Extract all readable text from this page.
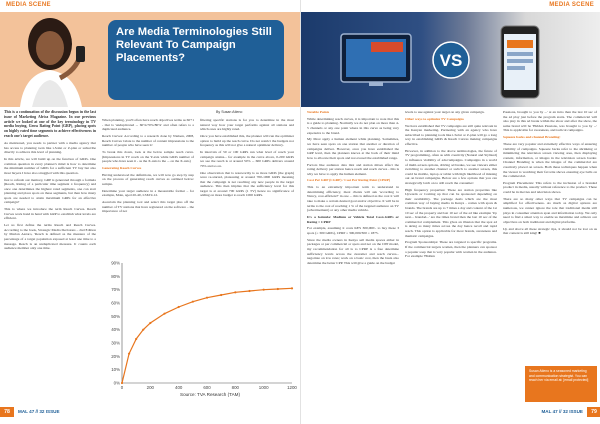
MEDIA SCENE
Are Media Terminologies Still Relevant To Campaign Placements?
By Susan Atieno

This is a continuation of the discussion begun in the last issue of Marketing Africa Magazine. In our previous article we looked at one of the key terminology in TV media buying, Gross Rating Point (GRP), placing spots on highly rated time segments to achieve effectiveness in reach one's target audience.

As mentioned, you needs to partner with a media agency that has access to planning tools like i-Solut or Z-plan or subscribe directly to achieve this level of planning.

In this article, we will build up on the function of GRPs. One common question in every planner's mind is how to determine the minimum number of GRPs for a sufficient TV buy but also most buyers I have also struggled with this question.

Just to refresh our memory, GRP is generated through a formula (Reach, Rating of a particular time segment x frequency) and once one determines the highest rated segments, one can start planning and place spots on these segments, but then how many spots are needed to attain maximum GRPs for an effective campaign?

This is where we introduce the term Reach Curves. Reach Curves work hand in hand with GRP to establish what levels are efficient.

Let us first define the terms Reach and Reach Curves. According to the book, Strategic Media Decisions – 2nd Edition by Marian Azzaro, 'Reach is defined as the measure of the percentage of a target population exposed at least one time to a message. Reach is an unduplicated measure. It counts each audience member only one time.

When planning, you'll often have reach objectives terms as 60+1 - that is 'unduplicated ... 60%/70%/80%' and often refers to a duplicated audience.

Reach Curves: According to a research done by Nielsen, 2008, Reach Curves 'relate to the number of content impressions to the number of people who have seen it.'

To break this down, look at the below sample reach curve. (Impressions in TV reach on the Y-axis while GRPs number of people who have seen it - as the X-axis is the ... on the X-axis)

Generating Reach Curves

Having understood the definitions, we will now go step by step on the process of generating reach curves as outlined below: sample.

Determine your target audience in a measurable format – for example, Male, aged 20-40, LSM 9-12.

Ascertain the planning tool and select this target plus off the number of TV stations that have registered on the software – the importance of not

filtering specific stations is for you to determine in the most natural way how your target performs against all stations and which ones are highly rated.

Once you have established this, the planner will run the optimizer option to build up the reach curve. Do not restrict the budgets nor frequency as this will not give a natural optimizer delivery.

In intervals of 50 or 100 GRPs run what level of reach your campaign attains... for example in the curve above, 0-200 GRPs we see the reach is at around 50% ... 600 GRPs delivers around 70% and so on.

One observation that is noteworthy is as more GRPs (the graph) were re-started, plateauing at around 700-1000 GRPs meaning that the campaign is not reaching any new people in the target audience. This then implies that the sufficiency level for this target is at around 700 GRPs (1 TV) hence no significance of adding on more budget to reach 1000 GRPs.

0%
10%
20%
30%
40%
50%
60%
70%
80%
90%
0	200	400	600	800	1000	1200
Source: TVA Research (TAM)
78	MAL 47 // 32 ISSUE
MEDIA SCENE
VS

Notable Points

While determining reach curves, it is important to note that this is a guide to planning. Normally we do not plan on more than 4-5 channels or any one point where in this curve as being very expensive to the brand.

My Most apply a human element while planning. Sometimes, we have seen spots on one station that another or duration of campaigns deliver. However, once you have established the GRP level, then the planners knows at the back of their mind how to allocate their spots and not exceed the established range.

Factors like audience data mix and station mixes affect the rating delivery per station hence reach and reach curves - this is why we have to apply the human element.

Cost Per GRP (CGRP) / Cost Per Rating Point (CPRP)

This is an extremely important term to understand in determining efficiency, most clients will ask 'according to Nancy, cost-efficient?' in one ... this is defined as the cost it will take to make a certain desired goal and/or objective. It will be in terms to the cost of reaching 1 % of the targeted audience on TV (advertisement) or any other media vehicle.

It's a formula: Medium or Vehicle Total Cost÷GRPs or Rating = CPRP

For example, assuming it costs KES 300,000/- to buy these 3 spots (= 300 GRPs), CPRP = 300,000/300 = 1875.

Since the media owners in Kenya sell media spaces either in packages or per commercial or spots and not on the CPP model, my recommendation for all is to CPRP is a free determine sufficiency levels across the customer and reach curves... negotiate on low rates; work on a basic cost, then the basis also determine the better CPP. This will give a guide on the budget

levels to use against your target on any given campaign.

Other ways to optimize TV Campaigns

We have established that TV campaigns are still quite relevant in the Kenyan marketing. Partnering with an agency who have subscribed to planning tools like i-Solut or Z-plan will go a long way in establishing GRPs & Reach Curves making campaigns effective.

However, in addition to the above terminologies, the future of TV programming, often as with creativity (Natural and Stylized) to influence visibility of ads/campaigns. Campaigns in a world of multi-screen options, driving ad breaks, we see viewers either switching to another channel or switch to another screen, this could be mobile, laptop or tablet with high likelihood of missing out on brand campaigns. Below are a few options that you can strategically latch on to still reach the consumer:

High frequency properties: These are station properties like Upwards or Coming up that can be sponsored depending on their availability. The package deals which are the most common way of buying media in Kenya - comes with spots & brands. The brands are up to 7 times a day and content of the 1st 10 sec of the property and last 10 sec of the ad like example 'Up next... brandad...' are the times brand then the last 10 sec of the commercial complement. This gives an illusion that the spot ad is airing as many times across the day hence recall and rapid reach. This option is applicable for most brands, awareness and thematic campaigns.

Program Sponsorships: These are targeted to specific programs. If the commercial targets women, then the planners can sponsor a popular soap that is very popular with women in the audience. For example 'Hidden

Passions, brought to you by ...' at an intro then the last 10 sec of the ad play just before the program starts. The commercial will also play in this ad break within the show and after the show, the same brand will be 'Hidden Passions, was brought to you by ...' This is applicable for awareness, and tactical campaigns.

Squeeze backs and channel Branding:

These are very popular and extremely effective ways of ensuring visibility of campaigns. Squeeze backs refer to the shrinking or minimizing the television screen viewing area, then displaying content, information, or images in the television screen border. Channel Branding is when the images of the commercial are creatively placed on screen. Both these techniques happen when the viewer is watching their favorite shows ensuring eye balls on the commercial.

Program Placements: This refers to the inclusion of a branded product in media, usually without reference to the product. These could be in movies and television shows.

There are so many other ways that TV campaigns can be amplified for effectiveness. As much as digital options are numerous, we cannot ignore the role that traditional media still plays in consumer attention span and information today. We only need to find a smart way to enable us maximize and achieve our objectives on both traditional and digital platforms.

Up and above all these strategic tips, it should not be lost on us that content is still king! ■

Susan Atieno is a seasoned marketing and communication strategist. You can reach her via email at: [email protected]
MAL 47 // 32 ISSUE	79
